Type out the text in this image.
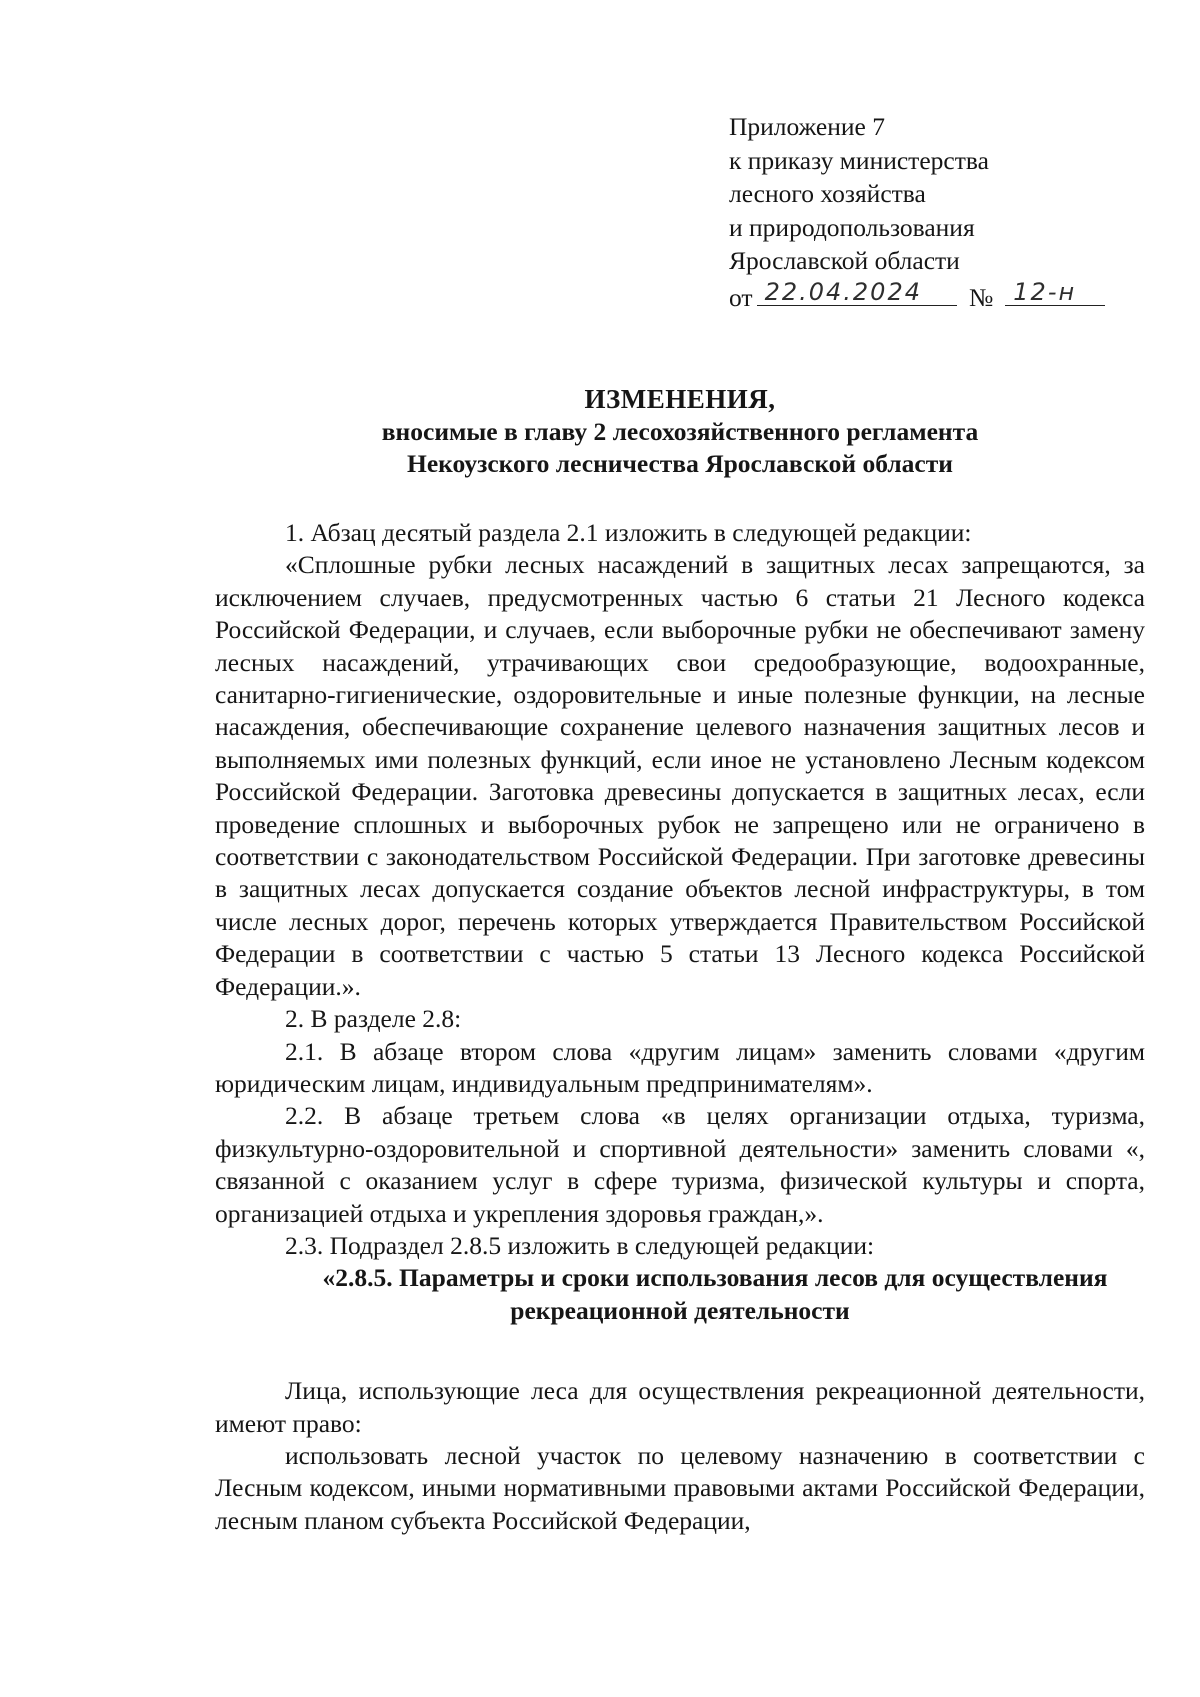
Приложение 7
к приказу министерства
лесного хозяйства
и природопользования
Ярославской области
от 22.04.2024 № 12-н
ИЗМЕНЕНИЯ,
вносимые в главу 2 лесохозяйственного регламента
Некоузского лесничества Ярославской области

1. Абзац десятый раздела 2.1 изложить в следующей редакции:

«Сплошные рубки лесных насаждений в защитных лесах запрещаются, за исключением случаев, предусмотренных частью 6 статьи 21 Лесного кодекса Российской Федерации, и случаев, если выборочные рубки не обеспечивают замену лесных насаждений, утрачивающих свои средообразующие, водоохранные, санитарно-гигиенические, оздоровительные и иные полезные функции, на лесные насаждения, обеспечивающие сохранение целевого назначения защитных лесов и выполняемых ими полезных функций, если иное не установлено Лесным кодексом Российской Федерации. Заготовка древесины допускается в защитных лесах, если проведение сплошных и выборочных рубок не запрещено или не ограничено в соответствии с законодательством Российской Федерации. При заготовке древесины в защитных лесах допускается создание объектов лесной инфраструктуры, в том числе лесных дорог, перечень которых утверждается Правительством Российской Федерации в соответствии с частью 5 статьи 13 Лесного кодекса Российской Федерации.».

2. В разделе 2.8:

2.1. В абзаце втором слова «другим лицам» заменить словами «другим юридическим лицам, индивидуальным предпринимателям».

2.2. В абзаце третьем слова «в целях организации отдыха, туризма, физкультурно-оздоровительной и спортивной деятельности» заменить словами «, связанной с оказанием услуг в сфере туризма, физической культуры и спорта, организацией отдыха и укрепления здоровья граждан,».

2.3. Подраздел 2.8.5 изложить в следующей редакции:

«2.8.5. Параметры и сроки использования лесов для осуществления
рекреационной деятельности

Лица, использующие леса для осуществления рекреационной деятельности, имеют право:

использовать лесной участок по целевому назначению в соответствии с Лесным кодексом, иными нормативными правовыми актами Российской Федерации, лесным планом субъекта Российской Федерации,
